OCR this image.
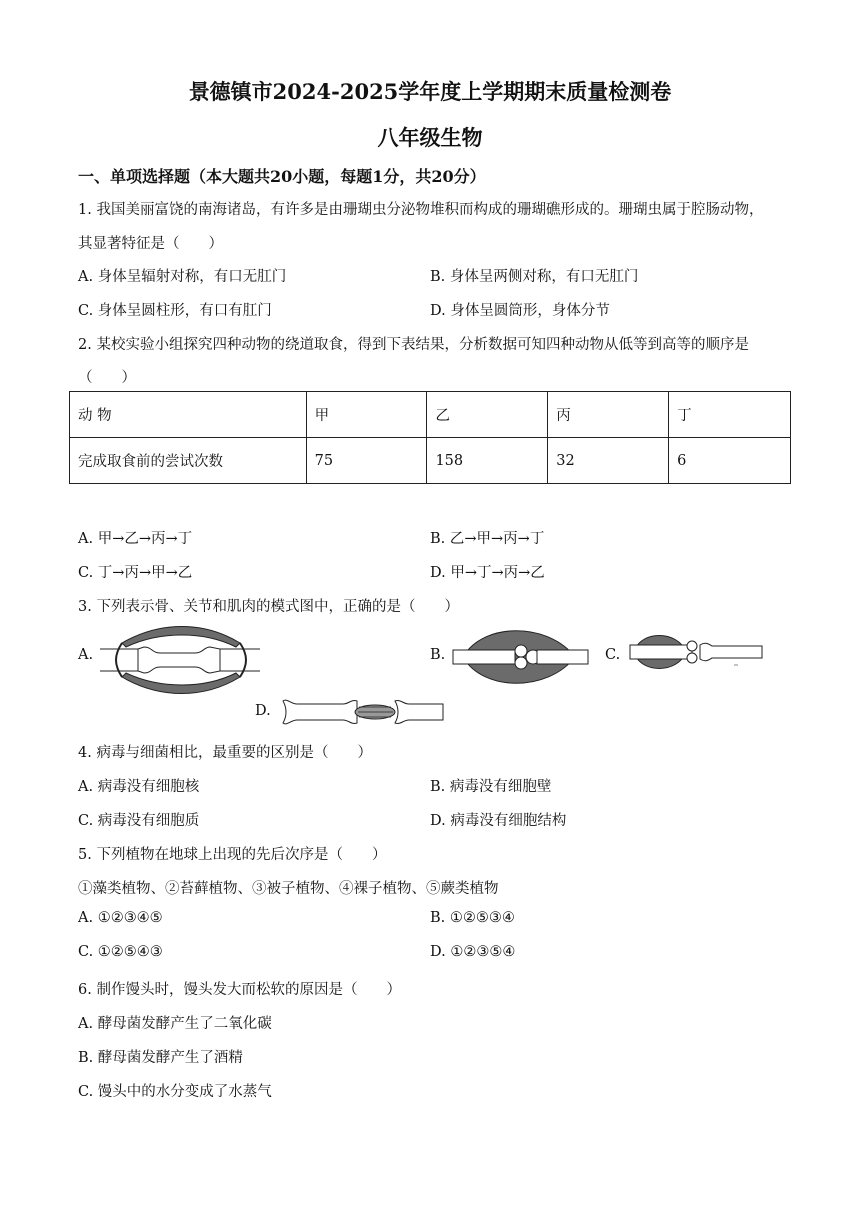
景德镇市2024-2025学年度上学期期末质量检测卷
八年级生物
一、单项选择题（本大题共20小题，每题1分，共20分）
1. 我国美丽富饶的南海诸岛，有许多是由珊瑚虫分泌物堆积而构成的珊瑚礁形成的。珊瑚虫属于腔肠动物，
其显著特征是（　　）
A. 身体呈辐射对称，有口无肛门	B. 身体呈两侧对称，有口无肛门
C. 身体呈圆柱形，有口有肛门	D. 身体呈圆筒形，身体分节
2. 某校实验小组探究四种动物的绕道取食，得到下表结果，分析数据可知四种动物从低等到高等的顺序是
（　　）
动 物	甲	乙	丙	丁
完成取食前的尝试次数	75	158	32	6
A. 甲→乙→丙→丁	B. 乙→甲→丙→丁
C. 丁→丙→甲→乙	D. 甲→丁→丙→乙
3. 下列表示骨、关节和肌肉的模式图中，正确的是（　　）
A.	B.	C.
D.
4. 病毒与细菌相比，最重要的区别是（　　）
A. 病毒没有细胞核	B. 病毒没有细胞壁
C. 病毒没有细胞质	D. 病毒没有细胞结构
5. 下列植物在地球上出现的先后次序是（　　）
①藻类植物、②苔藓植物、③被子植物、④裸子植物、⑤蕨类植物
A. ①②③④⑤	B. ①②⑤③④
C. ①②⑤④③	D. ①②③⑤④
6. 制作馒头时，馒头发大而松软的原因是（　　）
A. 酵母菌发酵产生了二氧化碳
B. 酵母菌发酵产生了酒精
C. 馒头中的水分变成了水蒸气
